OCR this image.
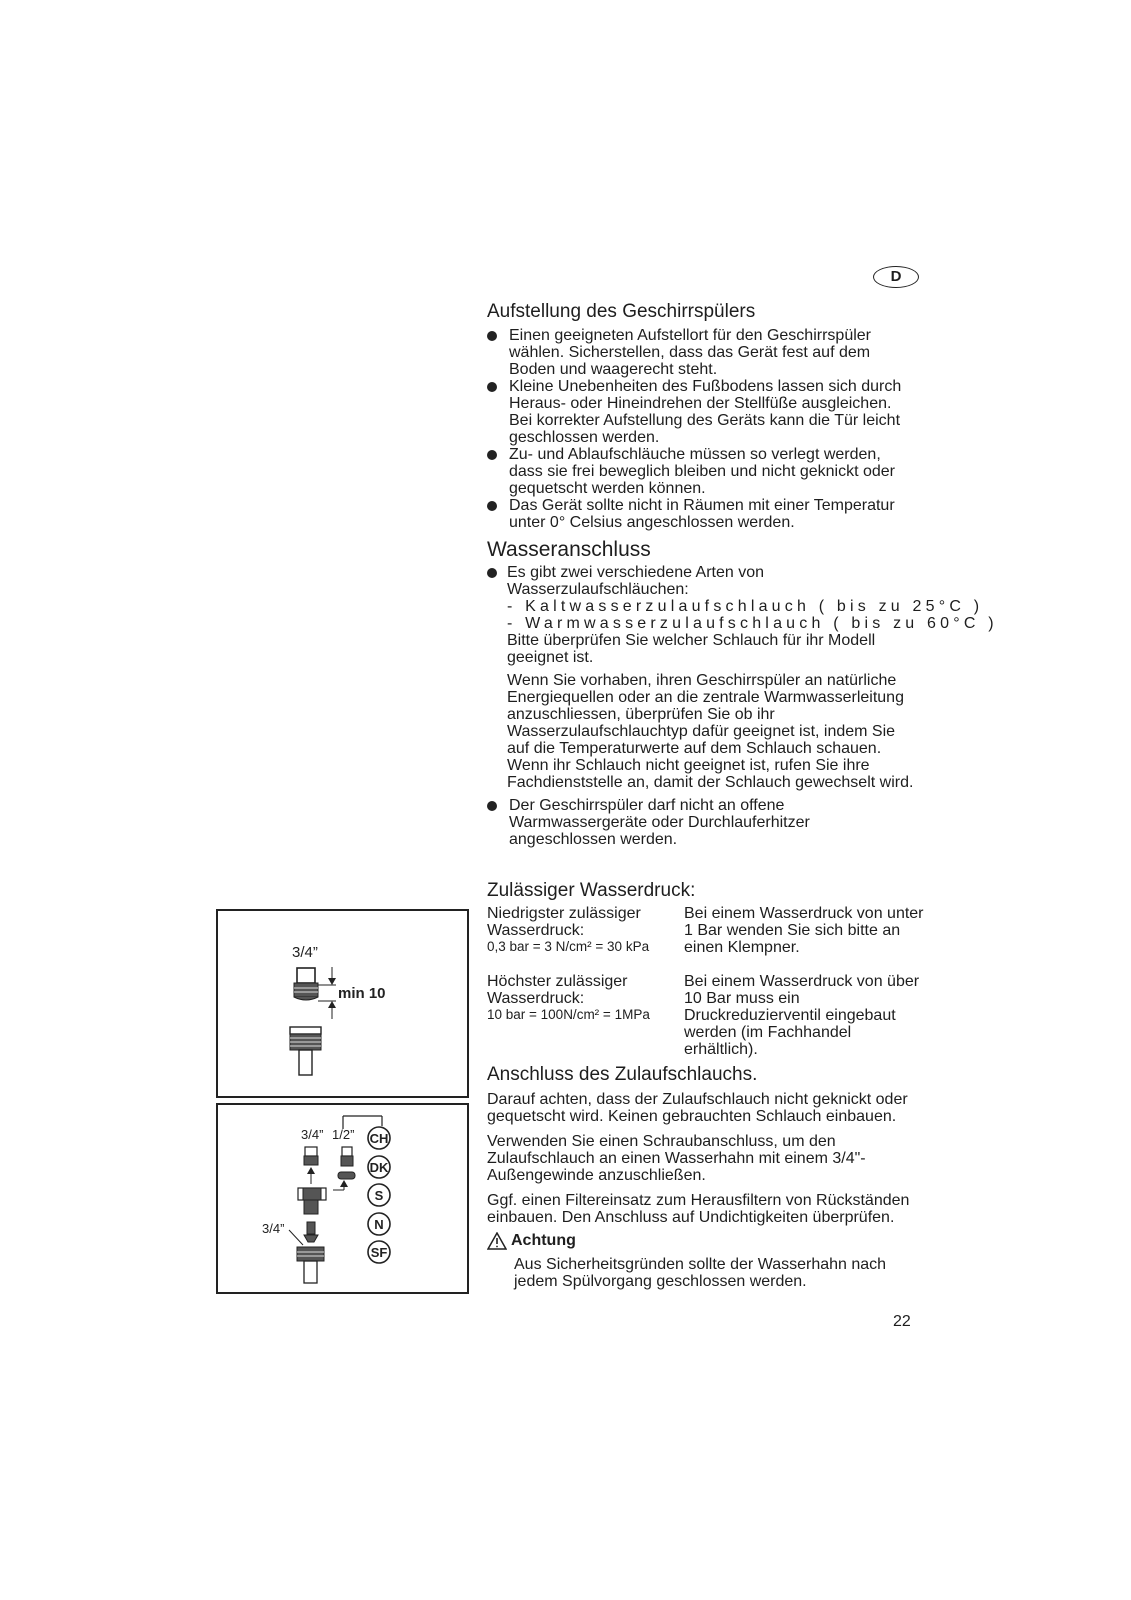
D

Aufstellung des Geschirrspülers

Einen geeigneten Aufstellort für den Geschirrspüler wählen. Sicherstellen, dass das Gerät fest auf dem Boden und waagerecht steht.

Kleine Unebenheiten des Fußbodens lassen sich durch Heraus- oder Hineindrehen der Stellfüße ausgleichen. Bei korrekter Aufstellung des Geräts kann die Tür leicht geschlossen werden.

Zu- und Ablaufschläuche müssen so verlegt werden, dass sie frei beweglich bleiben und nicht geknickt oder gequetscht werden können.

Das Gerät sollte nicht in Räumen mit einer Temperatur unter 0° Celsius angeschlossen werden.

Wasseranschluss

Es gibt zwei verschiedene Arten von Wasserzulaufschläuchen:

- Kaltwasserzulaufschlauch ( bis zu 25°C )

- Warmwasserzulaufschlauch ( bis zu 60°C )

Bitte überprüfen Sie welcher Schlauch für ihr Modell geeignet ist.

Wenn Sie vorhaben, ihren Geschirrspüler an natürliche Energiequellen oder an die zentrale Warmwasserleitung anzuschliessen, überprüfen Sie ob ihr Wasserzulaufschlauchtyp dafür geeignet ist, indem Sie auf die Temperaturwerte auf dem Schlauch schauen. Wenn ihr Schlauch nicht geeignet ist, rufen Sie ihre Fachdienststelle an, damit der Schlauch gewechselt wird.

Der Geschirrspüler darf nicht an offene Warmwassergeräte oder Durchlauferhitzer angeschlossen werden.

Zulässiger Wasserdruck:

Niedrigster zulässiger Wasserdruck:

0,3 bar = 3 N/cm² = 30 kPa

Bei einem Wasserdruck von unter 1 Bar wenden Sie sich bitte an einen Klempner.

Höchster zulässiger Wasserdruck:

10 bar = 100N/cm² = 1MPa

Bei einem Wasserdruck von über 10 Bar muss ein Druckreduzierventil eingebaut werden (im Fachhandel erhältlich).

Anschluss des Zulaufschlauchs.

Darauf achten, dass der Zulaufschlauch nicht geknickt oder gequetscht wird. Keinen gebrauchten Schlauch einbauen.

Verwenden Sie einen Schraubanschluss, um den Zulaufschlauch an einen Wasserhahn mit einem 3/4"-Außengewinde anzuschließen.

Ggf. einen Filtereinsatz zum Herausfiltern von Rückständen einbauen. Den Anschluss auf Undichtigkeiten überprüfen.

Achtung

Aus Sicherheitsgründen sollte der Wasserhahn nach jedem Spülvorgang geschlossen werden.

3/4”
min 10
3/4” 1/2”
3/4”
CH
DK
S
N
SF
22
